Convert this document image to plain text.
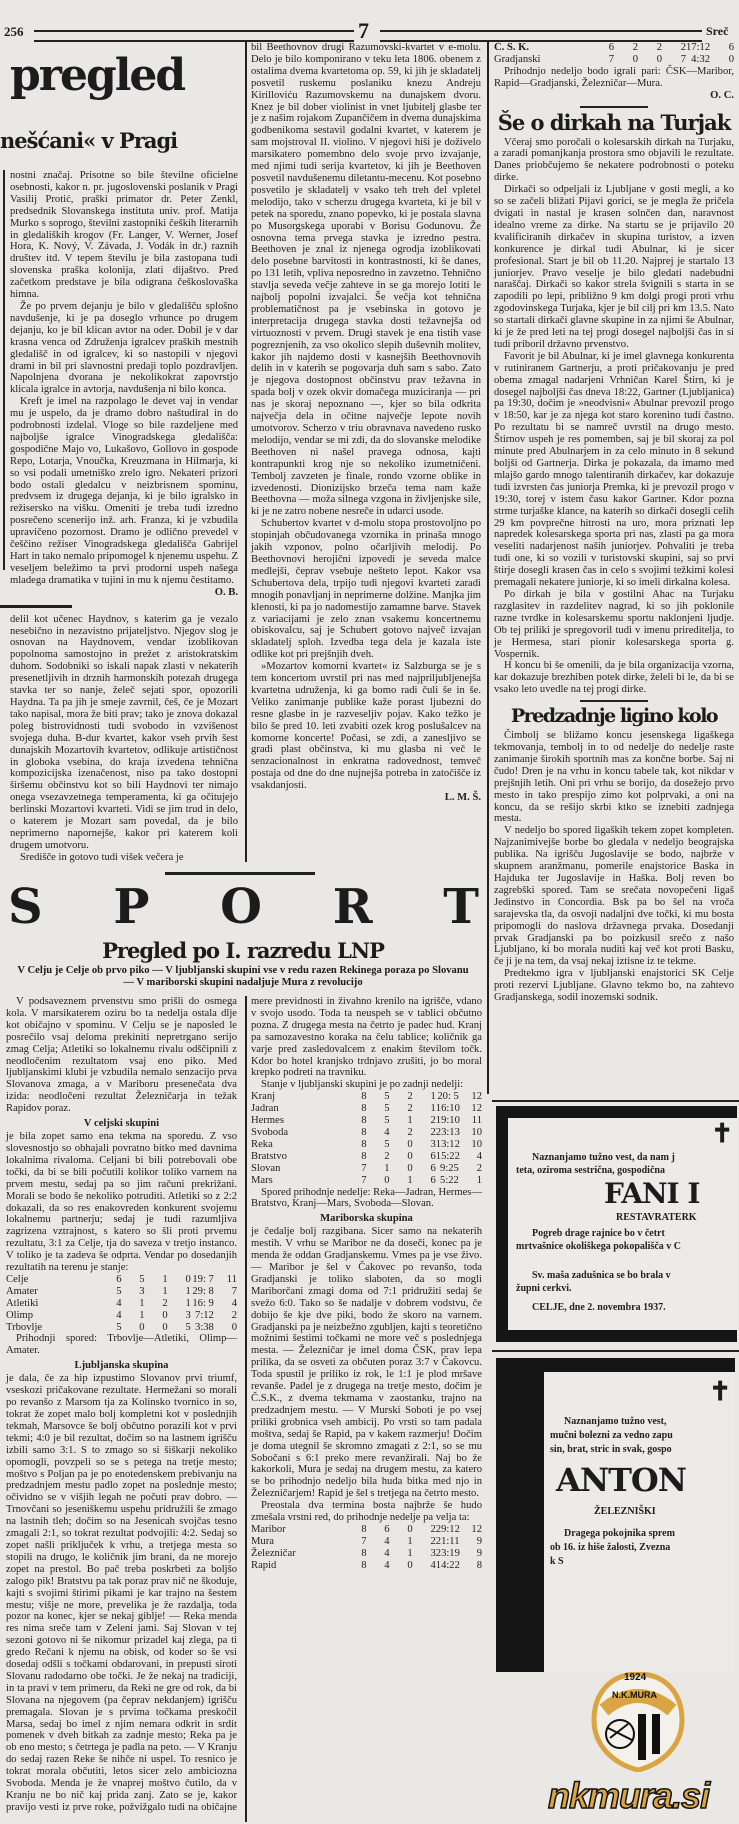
256	7	Sreč
pregled
nešćani« v Pragi

nostni značaj. Prisotne so bile številne oficielne osebnosti, kakor n. pr. jugoslovenski poslanik v Pragi Vasilij Protić, praški primator dr. Peter Zenkl, predsednik Slovanskega instituta univ. prof. Matija Murko s soprogo, številni zastopniki čeških literarnih in gledaliških krogov (Fr. Langer, V. Werner, Josef Hora, K. Nový, V. Závada, J. Vodák in dr.) raznih društev itd. V tepem številu je bila zastopana tudi slovenska praška kolonija, zlati dijaštvo. Pred začetkom predstave je bila odigrana češkoslovaška himna.

Že po prvem dejanju je bilo v gledališču splošno navdušenje, ki je pa doseglo vrhunce po drugem dejanju, ko je bil klican avtor na oder. Dobil je v dar krasna venca od Združenja igralcev praških mestnih gledališč in od igralcev, ki so nastopili v njegovi drami in bil pri slavnostni predaji toplo pozdravljen. Napolnjena dvorana je nekolikokrat zapovrstjo klicala igralce in avtorja, navdušenja ni bilo konca.

Kreft je imel na razpolago le devet vaj in vendar mu je uspelo, da je dramo dobro naštudiral in do podrobnosti izdelal. Vloge so bile razdeljene med najboljše igralce Vinogradskega gledališča: gospodične Majo vo, Lukašovo, Gollovo in gospode Repo, Lotarja, Vnoučka, Kreuzmana in Hilmarja, ki so vsi podali umetniško zrelo igro. Nekateri prizori bodo ostali gledalcu v neizbrisnem spominu, predvsem iz drugega dejanja, ki je bilo igralsko in režisersko na višku. Omeniti je treba tudi izredno posrečeno scenerijo inž. arh. Franza, ki je vzbudila upravičeno pozornost. Dramo je odlično prevedel v češčino režiser Vinogradskega gledališča Gabrijel Hart in tako nemalo pripomogel k njenemu uspehu. Z veseljem beležimo ta prvi prodorni uspeh našega mladega dramatika v tujini in mu k njemu čestitamo.

O. B.

delil kot učenec Haydnov, s katerim ga je vezalo nesebično in nezavistno prijateljstvo. Njegov slog je osnovan na Haydnovem, vendar izoblikovan popolnoma samostojno in prežet z aristokratskim duhom. Sodobniki so iskali napak zlasti v nekaterih presenetljivih in drznih harmonskih potezah drugega stavka ter so nanje, želeč sejati spor, opozorili Haydna. Ta pa jih je smeje zavrnil, češ, če je Mozart tako napisal, mora že biti prav; tako je znova dokazal poleg bistrovidnosti tudi svobodo in vzvišenost svojega duha. B-dur kvartet, kakor vseh prvih šest dunajskih Mozartovih kvartetov, odlikuje artističnost in globoka vsebina, do kraja izvedena tehnična kompozicijska izenačenost, niso pa tako dostopni širšemu občinstvu kot so bili Haydnovi ter nimajo onega vsezavzetnega temperamenta, ki ga očitujejo berlinski Mozartovi kvarteti. Vidi se jim trud in delo, o katerem je Mozart sam povedal, da je bilo neprimerno napornejše, kakor pri katerem koli drugem umotvoru.

Središče in gotovo tudi višek večera je

bil Beethovnov drugi Razumovski-kvartet v e-molu. Delo je bilo komponirano v teku leta 1806. obenem z ostalima dvema kvartetoma op. 59, ki jih je skladatelj posvetil ruskemu poslaniku knezu Andreju Kirilloviću Razumovskemu na dunajskem dvoru. Knez je bil dober violinist in vnet ljubitelj glasbe ter je z našim rojakom Zupančičem in dvema dunajskima godbenikoma sestavil godalni kvartet, v katerem je sam mojstroval II. violino. V njegovi hiši je doživelo marsikatero pomembno delo svoje prvo izvajanje, med njimi tudi serija kvartetov, ki jih je Beethoven posvetil navdušenemu diletantu-mecenu. Kot posebno posvetilo je skladatelj v vsako teh treh del vpletel melodijo, tako v scherzu drugega kvarteta, ki je bil v petek na sporedu, znano popevko, ki je postala slavna po Musorgskega uporabi v Borisu Godunovu. Že osnovna tema prvega stavka je izredno pestra. Beethoven je znal iz njenega ogrodja izoblikovati delo posebne barvitosti in kontrastnosti, ki še danes, po 131 letih, vpliva neposredno in zavzetno. Tehnično stavlja seveda večje zahteve in se ga morejo lotiti le najbolj popolni izvajalci. Še večja kot tehnična problematičnost pa je vsebinska in gotovo je interpretacija drugega stavka dosti težavnejša od virtuoznosti v prvem. Drugi stavek je ena tistih vase pogreznjenih, za vso okolico slepih duševnih molitev, kakor jih najdemo dosti v kasnejših Beethovnovih delih in v katerih se pogovarja duh sam s sabo. Zato je njegova dostopnost občinstvu prav težavna in spada bolj v ozek okvir domačega muziciranja — pri nas je skoraj nepoznano —, kjer so bila odkrita največja dela in očitne največje lepote novih umotvorov. Scherzo v triu obravnava navedeno rusko melodijo, vendar se mi zdi, da do slovanske melodike Beethoven ni našel pravega odnosa, kajti kontrapunkti krog nje so nekoliko izumetničeni. Tembolj zavzeten je finale, rondo vzorne oblike in izvedenosti. Dionizijsko brzeča tema nam kaže Beethovna — moža silnega vzgona in življenjske sile, ki je ne zatro nobene nesreče in udarci usode.

Schubertov kvartet v d-molu stopa prostovoljno po stopinjah občudovanega vzornika in prinaša mnogo jakih vzponov, polno očarljivih melodij. Po Beethovnovi herojični izpovedi je seveda malce medlejši, čeprav vsebuje nešteto lepot. Kakor vsa Schubertova dela, trpijo tudi njegovi kvarteti zaradi mnogih ponavljanj in neprimerne dolžine. Manjka jim klenosti, ki pa jo nadomestijo zamamne barve. Stavek z variacijami je zelo znan vsakemu koncertnemu obiskovalcu, saj je Schubert gotovo največ izvajan skladatelj sploh. Izvedba tega dela je kazala iste odlike kot pri prejšnjih dveh.

»Mozartov komorni kvartet« iz Salzburga se je s tem koncertom uvrstil pri nas med najpriljubljenejša kvartetna udruženja, ki ga bomo radi čuli še in še. Veliko zanimanje publike kaže porast ljubezni do resne glasbe in je razveseljiv pojav. Kako težko je bilo še pred 10. leti zvabiti ozek krog poslušalcev na komorne koncerte! Počasi, se zdi, a zanesljivo se gradi plast občinstva, ki mu glasba ni več le senzacionalnost in enkratna radovednost, temveč postaja od dne do dne nujnejša potreba in zatočišče iz vsakdanjosti.

L. M. Š.
Č. S. K.	6	2	2	2	17:12	6
Gradjanski	7	0	0	7	4:32	0

Prihodnjo nedeljo bodo igrali pari: ČSK—Maribor, Rapid—Gradjanski, Železničar—Mura.

O. C.
Še o dirkah na Turjak

Včeraj smo poročali o kolesarskih dirkah na Turjaku, a zaradi pomanjkanja prostora smo objavili le rezultate. Danes priobčujemo še nekatere podrobnosti o poteku dirke.

Dirkači so odpeljali iz Ljubljane v gosti megli, a ko so se začeli bližati Pijavi gorici, se je megla že pričela dvigati in nastal je krasen solnčen dan, naravnost idealno vreme za dirke. Na startu se je prijavilo 20 kvalificiranih dirkačev in skupina turistov, a izven konkurence je dirkal tudi Abulnar, ki je sicer profesional. Start je bil ob 11.20. Najprej je startalo 13 juniorjev. Pravo veselje je bilo gledati nadebudni naraščaj. Dirkači so kakor strela švignili s starta in se zapodili po lepi, približno 9 km dolgi progi proti vrhu zgodovinskega Turjaka, kjer je bil cilj pri km 13.5. Nato so startali dirkači glavne skupine in za njimi še Abulnar, ki je že pred leti na tej progi dosegel najboljši čas in si tudi priboril državno prvenstvo.

Favorit je bil Abulnar, ki je imel glavnega konkurenta v rutiniranem Gartnerju, a proti pričakovanju je pred obema zmagal nadarjeni Vrhničan Karel Štirn, ki je dosegel najboljši čas dneva 18:22, Gartner (Ljubljanica) pa 19:30, dočim je »neodvisni« Abulnar prevozil progo v 18:50, kar je za njega kot staro korenino tudi častno. Po rezultatu bi se namreč uvrstil na drugo mesto. Štirnov uspeh je res pomemben, saj je bil skoraj za pol minute pred Abulnarjem in za celo minuto in 8 sekund boljši od Gartnerja. Dirka je pokazala, da imamo med mlajšo gardo mnogo talentiranih dirkačev, kar dokazuje tudi izvrsten čas juniorja Premka, ki je prevozil progo v 19:30, torej v istem času kakor Gartner. Kdor pozna strme turjaške klance, na katerih so dirkači dosegli celih 29 km povprečne hitrosti na uro, mora priznati lep napredek kolesarskega sporta pri nas, zlasti pa ga mora veseliti nadarjenost naših juniorjev. Pohvaliti je treba tudi one, ki so vozili v turistovski skupini, saj so prvi štirje dosegli krasen čas in celo s svojimi težkimi kolesi premagali nekatere juniorje, ki so imeli dirkalna kolesa.

Po dirkah je bila v gostilni Ahac na Turjaku razglasitev in razdelitev nagrad, ki so jih poklonile razne tvrdke in kolesarskemu sportu naklonjeni ljudje. Ob tej priliki je spregovoril tudi v imenu prireditelja, to je Hermesa, stari pionir kolesarskega sporta g. Vospernik.

H koncu bi še omenili, da je bila organizacija vzorna, kar dokazuje brezhiben potek dirke, želeli bi le, da bi se vsako leto uvedle na tej progi dirke.

Predzadnje ligino kolo

Čimbolj se bližamo koncu jesenskega ligaškega tekmovanja, tembolj in to od nedelje do nedelje raste zanimanje širokih sportnih mas za končne borbe. Saj ni čudo! Dren je na vrhu in koncu tabele tak, kot nikdar v prejšnjih letih. Oni pri vrhu se borijo, da dosežejo prvo mesto in tako prespijo zimo kot polprvaki, a oni na koncu, da se rešijo skrbi ktko se iznebiti zadnjega mesta.

V nedeljo bo spored ligaških tekem zopet kompleten. Najzanimivejše borbe bo gledala v nedeljo beograjska publika. Na igrišču Jugoslavije se bodo, najbrže v skupnem aranžmanu, pomerile enajstorice Baska in Hajduka ter Jugoslavije in Haška. Bolj reven bo zagrebški spored. Tam se srečata novopečeni ligaš Jedinstvo in Concordia. Bsk pa bo šel na vroča sarajevska tla, da osvoji nadaljni dve točki, ki mu bosta pripomogli do naslova državnega prvaka. Dosedanji prvak Gradjanski pa bo poizkusil srečo z našo Ljubljano, ki bo morala nuditi kaj več kot proti Basku, če ji je na tem, da vsaj nekaj iztisne iz te tekme.

Predtekmo igra v ljubljanski enajstorici SK Celje proti rezervi Ljubljane. Glavno tekmo bo, na zahtevo Gradjanskega, sodil inozemski sodnik.

S P O R T
Pregled po I. razredu LNP
V Celju je Celje ob prvo piko — V ljubljanski skupini vse v redu razen Rekinega poraza po Slovanu — V mariborski skupini nadaljuje Mura z revolucijo

V podsaveznem prvenstvu smo prišli do osmega kola. V marsikaterem oziru bo ta nedelja ostala dlje kot običajno v spominu. V Celju se je naposled le posrečilo vsaj deloma prekiniti nepretrgano serijo zmag Celja; Atletiki so lokalnemu rivalu odščipnili z neodločenim rezultatom vsaj eno piko. Med ljubljanskimi klubi je vzbudila nemalo senzacijo prva Slovanova zmaga, a v Mariboru presenečata dva izida: neodločeni rezultat Železničarja in težak Rapidov poraz.

V celjski skupini

je bila zopet samo ena tekma na sporedu. Z vso slovesnostjo so obhajali povratno bitko med davnima lokalnima rivaloma. Celjani bi bili potrebovali obe točki, da bi se bili počutili kolikor toliko varnem na prvem mestu, sedaj pa so jim računi prekrižani. Morali se bodo še nekoliko potruditi. Atletiki so z 2:2 dokazali, da so res enakovreden konkurent svojemu lokalnemu partnerju; sedaj je tudi razumljiva zagrizena vztrajnost, s katero so šli proti prvemu rezultatu, 3:1 za Celje, tja do saveza v tretjo instanco. V toliko je ta zadeva še odprta. Vendar po dosedanjih rezultatih na terenu je stanje:

Celje	6	5	1	0	19: 7	11
Amater	5	3	1	1	29: 8	7
Atletiki	4	1	2	1	16: 9	4
Olimp	4	1	0	3	7:12	2
Trbovlje	5	0	0	5	3:38	0

Prihodnji spored: Trbovlje—Atletiki, Olimp—Amater.

Ljubljanska skupina

je dala, če za hip izpustimo Slovanov prvi triumf, vseskozi pričakovane rezultate. Hermežani so morali po revanšo z Marsom tja za Kolinsko tvornico in so, tokrat že zopet malo bolj kompletni kot v poslednjih tekmah, Marsovce še bolj občutno porazili kot v prvi tekmi; 4:0 je bil rezultat, dočim so na lastnem igrišču izbili samo 3:1. S to zmago so si šiškarji nekoliko opomogli, povzpeli so se s petega na tretje mesto; moštvo s Poljan pa je po enotedenskem prebivanju na predzadnjem mestu padlo zopet na poslednje mesto; očividno se v višjih legah ne počuti prav dobro. — Trnovčani so jeseniškemu uspehu pridružili še zmago na lastnih tleh; dočim so na Jesenicah svojčas tesno zmagali 2:1, so tokrat rezultat podvojili: 4:2. Sedaj so zopet našli priključek k vrhu, a tretjega mesta so stopili na drugo, le količnik jim brani, da ne morejo zopet na prestol. Bo pač treba poskrbeti za boljšo zalogo pik! Bratstvu pa tak poraz prav nič ne škoduje, kajti s svojimi štirimi pikami je kar trajno na šestem mestu; višje ne more, prevelika je že razdalja, toda pozor na konec, kjer se nekaj giblje! — Reka menda res nima sreče tam v Zeleni jami. Saj Slovan v tej sezoni gotovo ni še nikomur prizadel kaj zlega, pa ti gredo Rečani k njemu na obisk, od koder so še vsi dosedaj odšli s točkami obdarovani, in prepusti siroti Slovanu radodarno obe točki. Je že nekaj na tradiciji, in ta pravi v tem primeru, da Reki ne gre od rok, da bi Slovana na njegovem (pa čeprav nekdanjem) igrišču premagala. Slovan je s prvima točkama preskočil Marsa, sedaj bo imel z njim nemara odkrit in srdit pomenek v dveh bitkah za zadnje mesto; Reka pa je ob eno mesto; s četrtega je padla na peto. — V Kranju do sedaj razen Reke še nihče ni uspel. To resnico je tokrat morala občutiti, letos sicer zelo ambiciozna Svoboda. Menda je že vnaprej moštvo čutilo, da v Kranju ne bo nič kaj prida zanj. Zato se je, kakor pravijo vesti iz prve roke, požvižgalo tudi na običajne mere previdnosti in živahno krenilo na igrišče, vdano v svojo usodo. Toda ta neuspeh se v tablici občutno pozna. Z drugega mesta na četrto je padec hud. Kranj pa samozavestno koraka na čelu tablice; količnik ga varje pred zasledovalcem z enakim številom točk. Kdor bo hotel kranjsko trdnjavo zrušiti, jo bo moral krepko podreti na travniku.

Stanje v ljubljanski skupini je po zadnji nedelji:

Kranj	8	5	2	1	20: 5	12
Jadran	8	5	2	1	16:10	12
Hermes	8	5	1	2	19:10	11
Svoboda	8	4	2	2	23:13	10
Reka	8	5	0	3	13:12	10
Bratstvo	8	2	0	6	15:22	4
Slovan	7	1	0	6	9:25	2
Mars	7	0	1	6	5:22	1

Spored prihodnje nedelje: Reka—Jadran, Hermes—Bratstvo, Kranj—Mars, Svoboda—Slovan.

Mariborska skupina

je čedalje bolj razgibana. Sicer samo na nekaterih mestih. V vrhu se Maribor ne da doseči, konec pa je menda že oddan Gradjanskemu. Vmes pa je vse živo. — Maribor je šel v Čakovec po revanšo, toda Gradjanski je toliko slaboten, da so mogli Mariborčani zmagi doma od 7:1 pridružiti sedaj še svežo 6:0. Tako so še nadalje v dobrem vodstvu, če dobijo še kje dve piki, bodo že skoro na varnem. Gradjanski pa je neizbežno zgubljen, kajti s teoretično možnimi šestimi točkami ne more več s poslednjega mesta. — Železničar je imel doma ČSK, prav lepa prilika, da se osveti za občuten poraz 3:7 v Čakovcu. Toda spustil je priliko iz rok, le 1:1 je plod mršave revanše. Padel je z drugega na tretje mesto, dočim je Č.S.K., z dvema tekmama v zaostanku, trajno na predzadnjem mestu. — V Murski Soboti je po vsej priliki grobnica vseh ambicij. Po vrsti so tam padala moštva, sedaj še Rapid, pa v kakem razmerju! Dočim je doma utegnil še skromno zmagati z 2:1, so se mu Sobočani s 6:1 preko mere revanžirali. Naj bo že kakorkoli, Mura je sedaj na drugem mestu, za katero se bo prihodnjo nedeljo bila huda bitka med njo in Železničarjem! Rapid je šel s tretjega na četrto mesto.

Preostala dva termina bosta najbrže še hudo zmešala vrstni red, do prihodnje nedelje pa velja ta:

Maribor	8	6	0	2	29:12	12
Mura	7	4	1	2	21:11	9
Železničar	8	4	1	3	23:19	9
Rapid	8	4	0	4	14:22	8
✝
Naznanjamo tužno vest, da nam j
teta, oziroma sestrična, gospodična
FANI I
RESTAVRATERK
Pogreb drage rajnice bo v četrt
mrtvašnice okoliškega pokopališča v C
Sv. maša zadušnica se bo brala v
župni cerkvi.
CELJE, dne 2. novembra 1937.
✝
Naznanjamo tužno vest,
mučni bolezni za vedno zapu
sin, brat, stric in svak, gospo
ANTON
ŽELEZNIŠKI
Dragega pokojnika sprem
ob 16. iz hiše žalosti, Zvezna
k S
1924
N.K.MURA
nkmura.si
